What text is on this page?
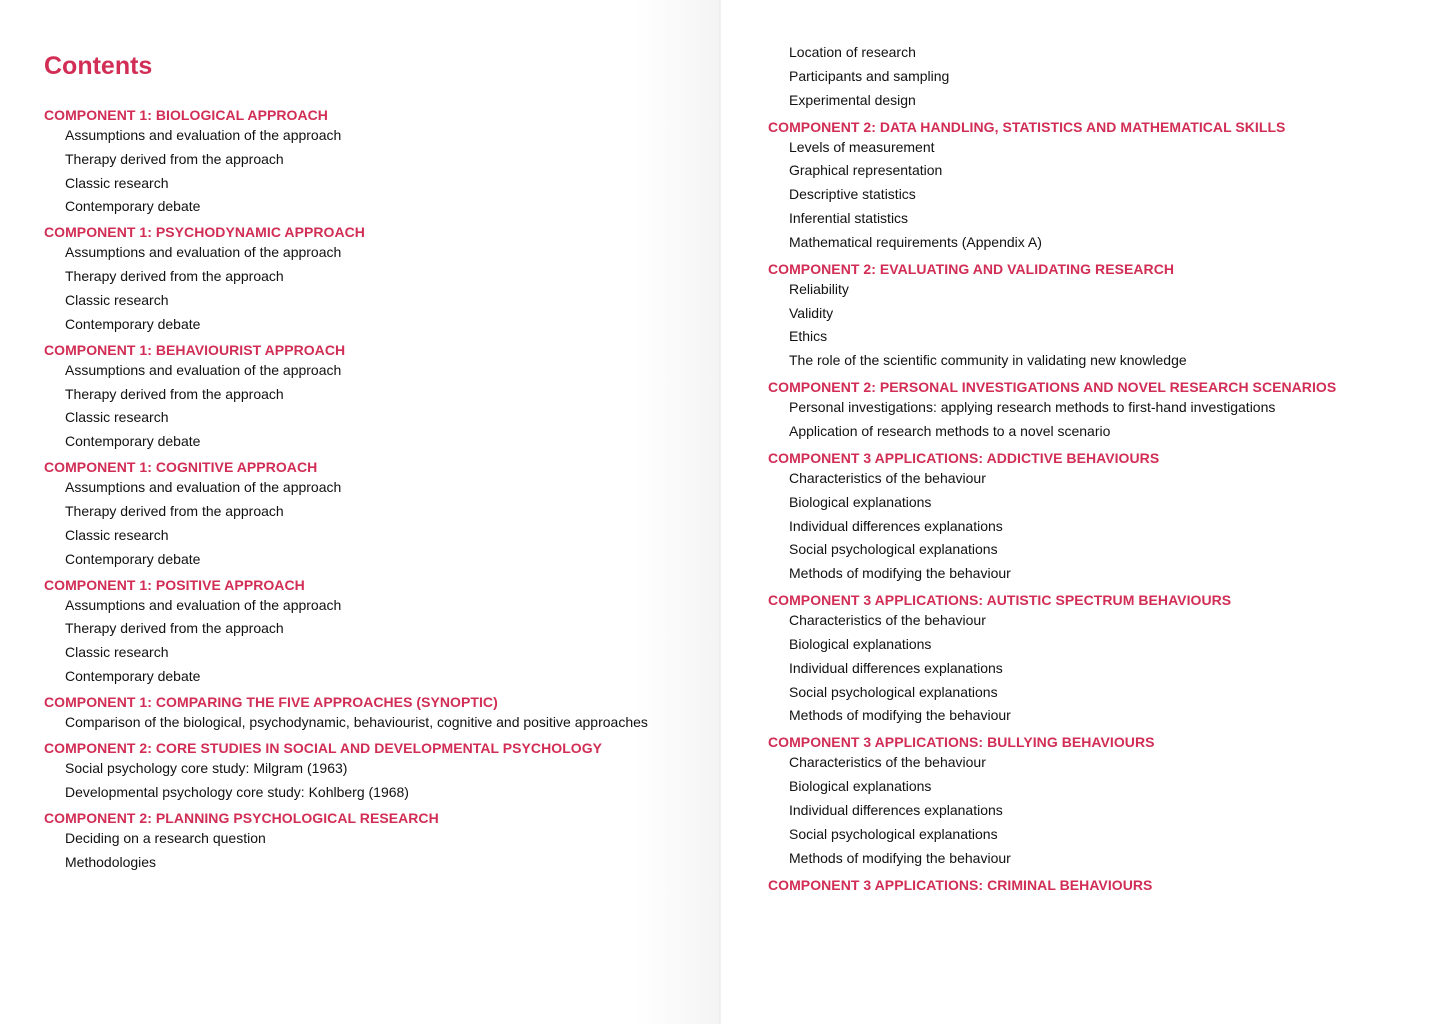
Contents
COMPONENT 1: BIOLOGICAL APPROACH
Assumptions and evaluation of the approach
Therapy derived from the approach
Classic research
Contemporary debate
COMPONENT 1: PSYCHODYNAMIC APPROACH
Assumptions and evaluation of the approach
Therapy derived from the approach
Classic research
Contemporary debate
COMPONENT 1: BEHAVIOURIST APPROACH
Assumptions and evaluation of the approach
Therapy derived from the approach
Classic research
Contemporary debate
COMPONENT 1: COGNITIVE APPROACH
Assumptions and evaluation of the approach
Therapy derived from the approach
Classic research
Contemporary debate
COMPONENT 1: POSITIVE APPROACH
Assumptions and evaluation of the approach
Therapy derived from the approach
Classic research
Contemporary debate
COMPONENT 1: COMPARING THE FIVE APPROACHES (SYNOPTIC)
Comparison of the biological, psychodynamic, behaviourist, cognitive and positive approaches
COMPONENT 2: CORE STUDIES IN SOCIAL AND DEVELOPMENTAL PSYCHOLOGY
Social psychology core study: Milgram (1963)
Developmental psychology core study: Kohlberg (1968)
COMPONENT 2: PLANNING PSYCHOLOGICAL RESEARCH
Deciding on a research question
Methodologies
Location of research
Participants and sampling
Experimental design
COMPONENT 2: DATA HANDLING, STATISTICS AND MATHEMATICAL SKILLS
Levels of measurement
Graphical representation
Descriptive statistics
Inferential statistics
Mathematical requirements (Appendix A)
COMPONENT 2: EVALUATING AND VALIDATING RESEARCH
Reliability
Validity
Ethics
The role of the scientific community in validating new knowledge
COMPONENT 2: PERSONAL INVESTIGATIONS AND NOVEL RESEARCH SCENARIOS
Personal investigations: applying research methods to first-hand investigations
Application of research methods to a novel scenario
COMPONENT 3 APPLICATIONS: ADDICTIVE BEHAVIOURS
Characteristics of the behaviour
Biological explanations
Individual differences explanations
Social psychological explanations
Methods of modifying the behaviour
COMPONENT 3 APPLICATIONS: AUTISTIC SPECTRUM BEHAVIOURS
Characteristics of the behaviour
Biological explanations
Individual differences explanations
Social psychological explanations
Methods of modifying the behaviour
COMPONENT 3 APPLICATIONS: BULLYING BEHAVIOURS
Characteristics of the behaviour
Biological explanations
Individual differences explanations
Social psychological explanations
Methods of modifying the behaviour
COMPONENT 3 APPLICATIONS: CRIMINAL BEHAVIOURS
